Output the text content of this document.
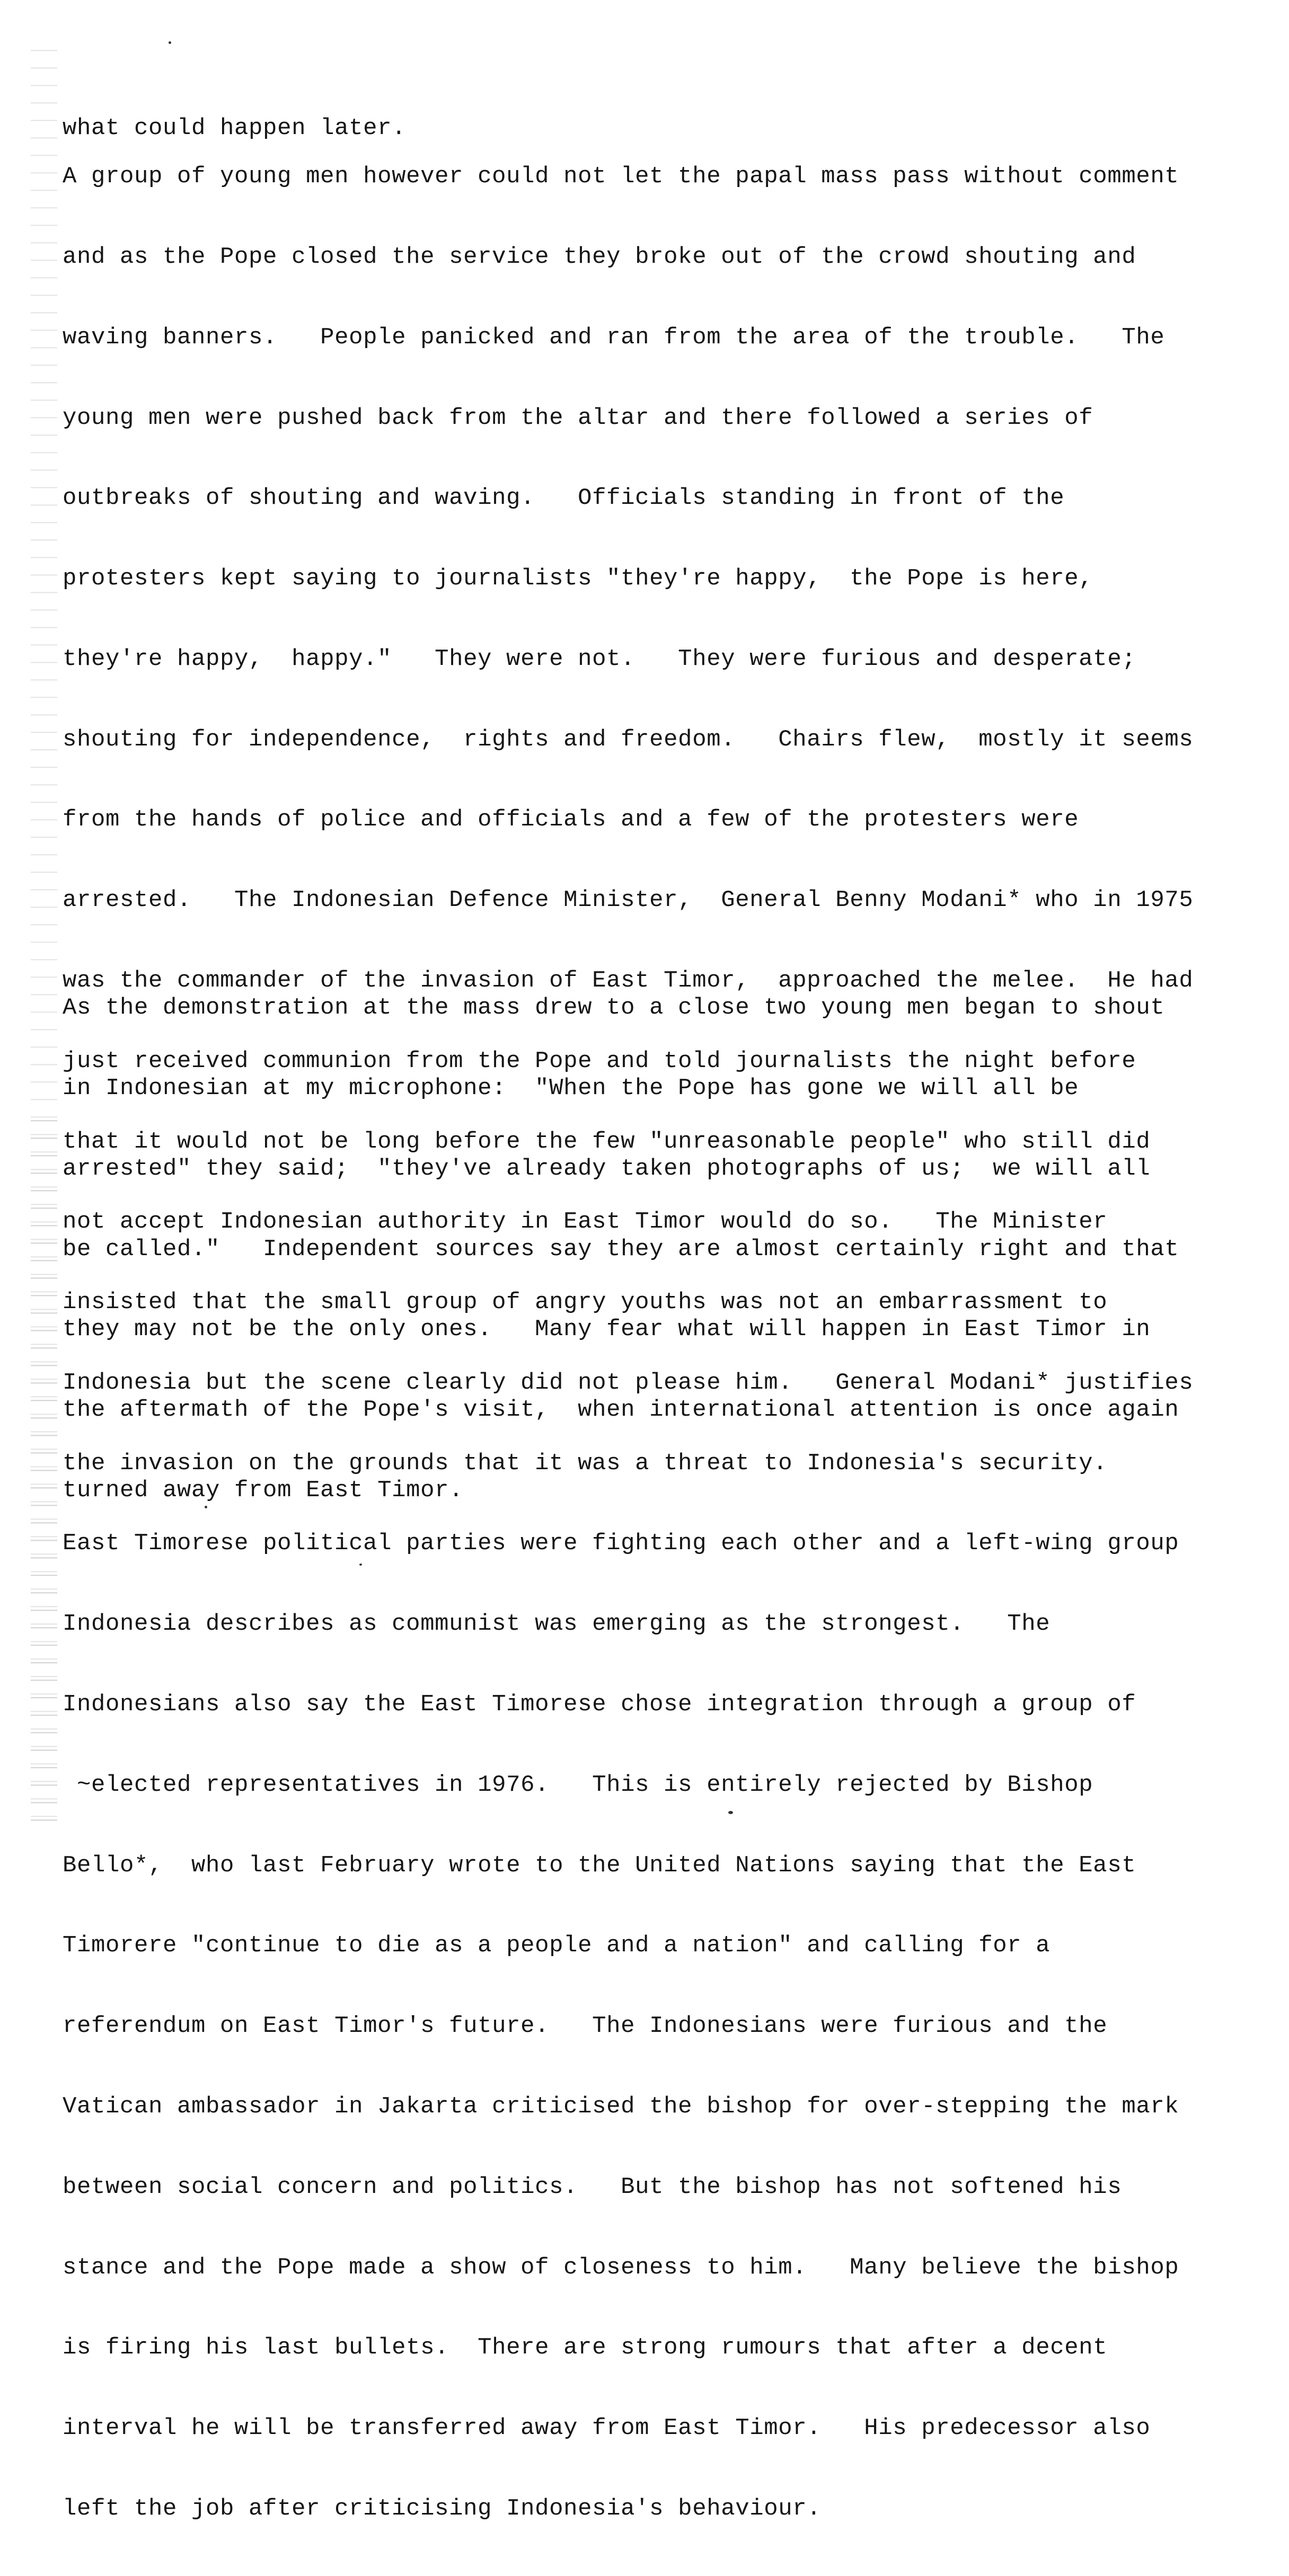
what could happen later.

A group of young men however could not let the papal mass pass without comment

and as the Pope closed the service they broke out of the crowd shouting and

waving banners.   People panicked and ran from the area of the trouble.   The

young men were pushed back from the altar and there followed a series of

outbreaks of shouting and waving.   Officials standing in front of the

protesters kept saying to journalists "they're happy,  the Pope is here,

they're happy,  happy."   They were not.   They were furious and desperate;

shouting for independence,  rights and freedom.   Chairs flew,  mostly it seems

from the hands of police and officials and a few of the protesters were

arrested.   The Indonesian Defence Minister,  General Benny Modani* who in 1975

was the commander of the invasion of East Timor,  approached the melee.  He had

just received communion from the Pope and told journalists the night before

that it would not be long before the few "unreasonable people" who still did

not accept Indonesian authority in East Timor would do so.   The Minister

insisted that the small group of angry youths was not an embarrassment to

Indonesia but the scene clearly did not please him.   General Modani* justifies

the invasion on the grounds that it was a threat to Indonesia's security.

East Timorese political parties were fighting each other and a left-wing group

Indonesia describes as communist was emerging as the strongest.   The

Indonesians also say the East Timorese chose integration through a group of

~elected representatives in 1976.   This is entirely rejected by Bishop

Bello*,  who last February wrote to the United Nations saying that the East

Timorere "continue to die as a people and a nation" and calling for a

referendum on East Timor's future.   The Indonesians were furious and the

Vatican ambassador in Jakarta criticised the bishop for over-stepping the mark

between social concern and politics.   But the bishop has not softened his

stance and the Pope made a show of closeness to him.   Many believe the bishop

is firing his last bullets.  There are strong rumours that after a decent

interval he will be transferred away from East Timor.   His predecessor also

left the job after criticising Indonesia's behaviour.

As the demonstration at the mass drew to a close two young men began to shout

in Indonesian at my microphone:  "When the Pope has gone we will all be

arrested" they said;  "they've already taken photographs of us;  we will all

be called."   Independent sources say they are almost certainly right and that

they may not be the only ones.   Many fear what will happen in East Timor in

the aftermath of the Pope's visit,  when international attention is once again

turned away from East Timor.
